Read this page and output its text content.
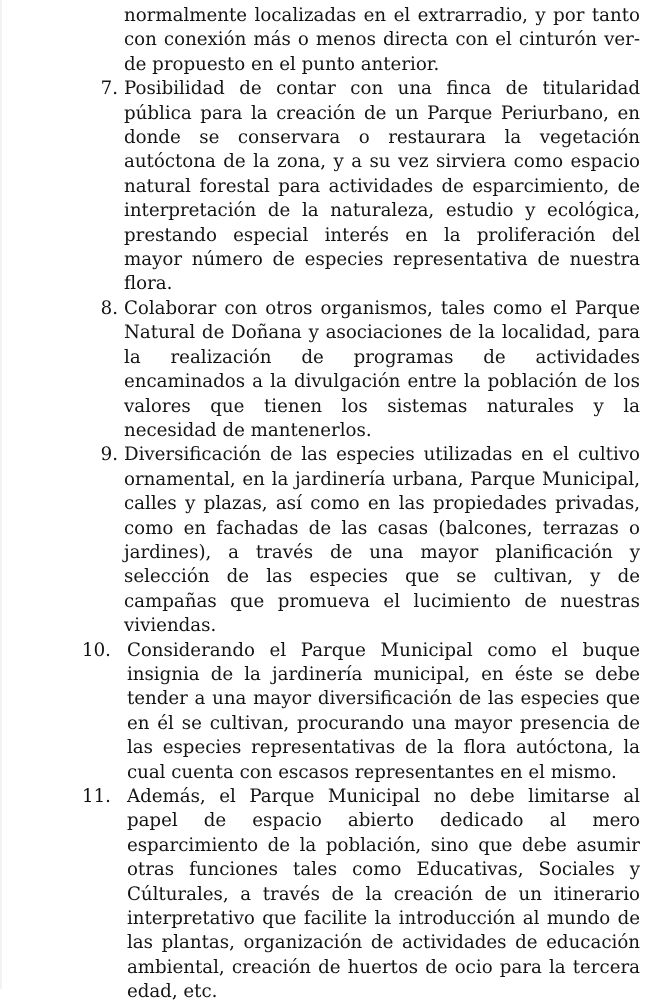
normalmente localizadas en el extrarradio, y por tanto con conexión más o menos directa con el cinturón ver-de propuesto en el punto anterior.

7. Posibilidad de contar con una finca de titularidad pública para la creación de un Parque Periurbano, en donde se conservara o restaurara la vegetación autóctona de la zona, y a su vez sirviera como espacio natural forestal para actividades de esparcimiento, de interpretación de la naturaleza, estudio y ecológica, prestando especial interés en la proliferación del mayor número de especies representativa de nuestra flora.

8. Colaborar con otros organismos, tales como el Parque Natural de Doñana y asociaciones de la localidad, para la realización de programas de actividades encaminados a la divulgación entre la población de los valores que tienen los sistemas naturales y la necesidad de mantenerlos.

9. Diversificación de las especies utilizadas en el cultivo ornamental, en la jardinería urbana, Parque Municipal, calles y plazas, así como en las propiedades privadas, como en fachadas de las casas (balcones, terrazas o jardines), a través de una mayor planificación y selección de las especies que se cultivan, y de campañas que promueva el lucimiento de nuestras viviendas.

10. Considerando el Parque Municipal como el buque insignia de la jardinería municipal, en éste se debe tender a una mayor diversificación de las especies que en él se cultivan, procurando una mayor presencia de las especies representativas de la flora autóctona, la cual cuenta con escasos representantes en el mismo.

11. Además, el Parque Municipal no debe limitarse al papel de espacio abierto dedicado al mero esparcimiento de la población, sino que debe asumir otras funciones tales como Educativas, Sociales y Cúlturales, a través de la creación de un itinerario interpretativo que facilite la introducción al mundo de las plantas, organización de actividades de educación ambiental, creación de huertos de ocio para la tercera edad, etc.
